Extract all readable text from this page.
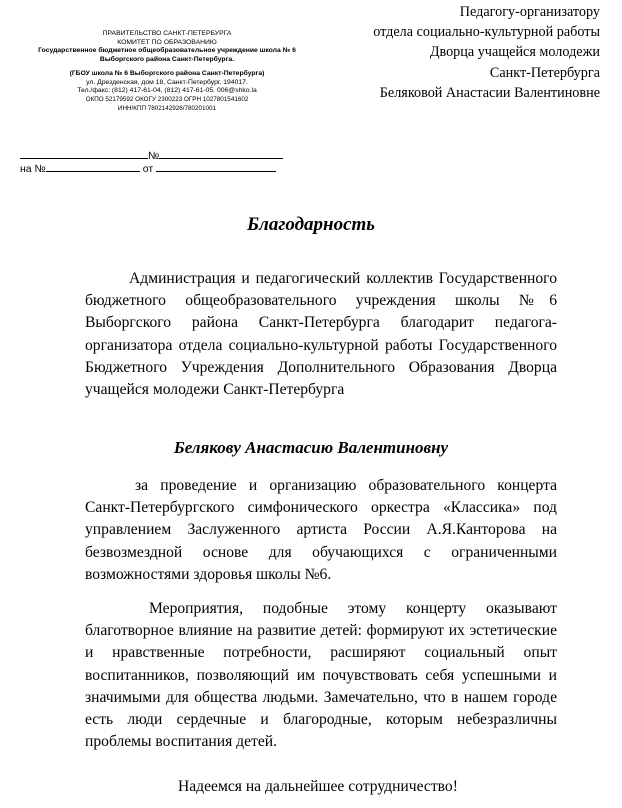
ПРАВИТЕЛЬСТВО САНКТ-ПЕТЕРБУРГА
КОМИТЕТ ПО ОБРАЗОВАНИЮ
Государственное бюджетное общеобразовательное учреждение школа № 6
Выборгского района Санкт-Петербурга.
(ГБОУ школа № 6 Выборгского района Санкт-Петербурга)
ул. Дрезденская, дом 18, Санкт-Петербург, 194017.
Тел./факс: (812) 417-61-04, (812) 417-61-05. 006@shko.la
ОКПО 52179592 ОКОГУ 2300223 ОГРН 1027801541602
ИНН/КПП 7802142926/780201001
Педагогу-организатору
отдела социально-культурной работы
Дворца учащейся молодежи
Санкт-Петербурга
Беляковой Анастасии Валентиновне
№
на №	от
Благодарность
Администрация и педагогический коллектив Государственного бюджетного общеобразовательного учреждения школы №6 Выборгского района Санкт-Петербурга благодарит педагога-организатора отдела социально-культурной работы Государственного Бюджетного Учреждения Дополнительного Образования Дворца учащейся молодежи Санкт-Петербурга
Белякову Анастасию Валентиновну
за проведение и организацию образовательного концерта Санкт-Петербургского симфонического оркестра «Классика» под управлением Заслуженного артиста России А.Я.Канторова на безвозмездной основе для обучающихся с ограниченными возможностями здоровья школы №6.
Мероприятия, подобные этому концерту оказывают благотворное влияние на развитие детей: формируют их эстетические и нравственные потребности, расширяют социальный опыт воспитанников, позволяющий им почувствовать себя успешными и значимыми для общества людьми. Замечательно, что в нашем городе есть люди сердечные и благородные, которым небезразличны проблемы воспитания детей.
Надеемся на дальнейшее сотрудничество!
